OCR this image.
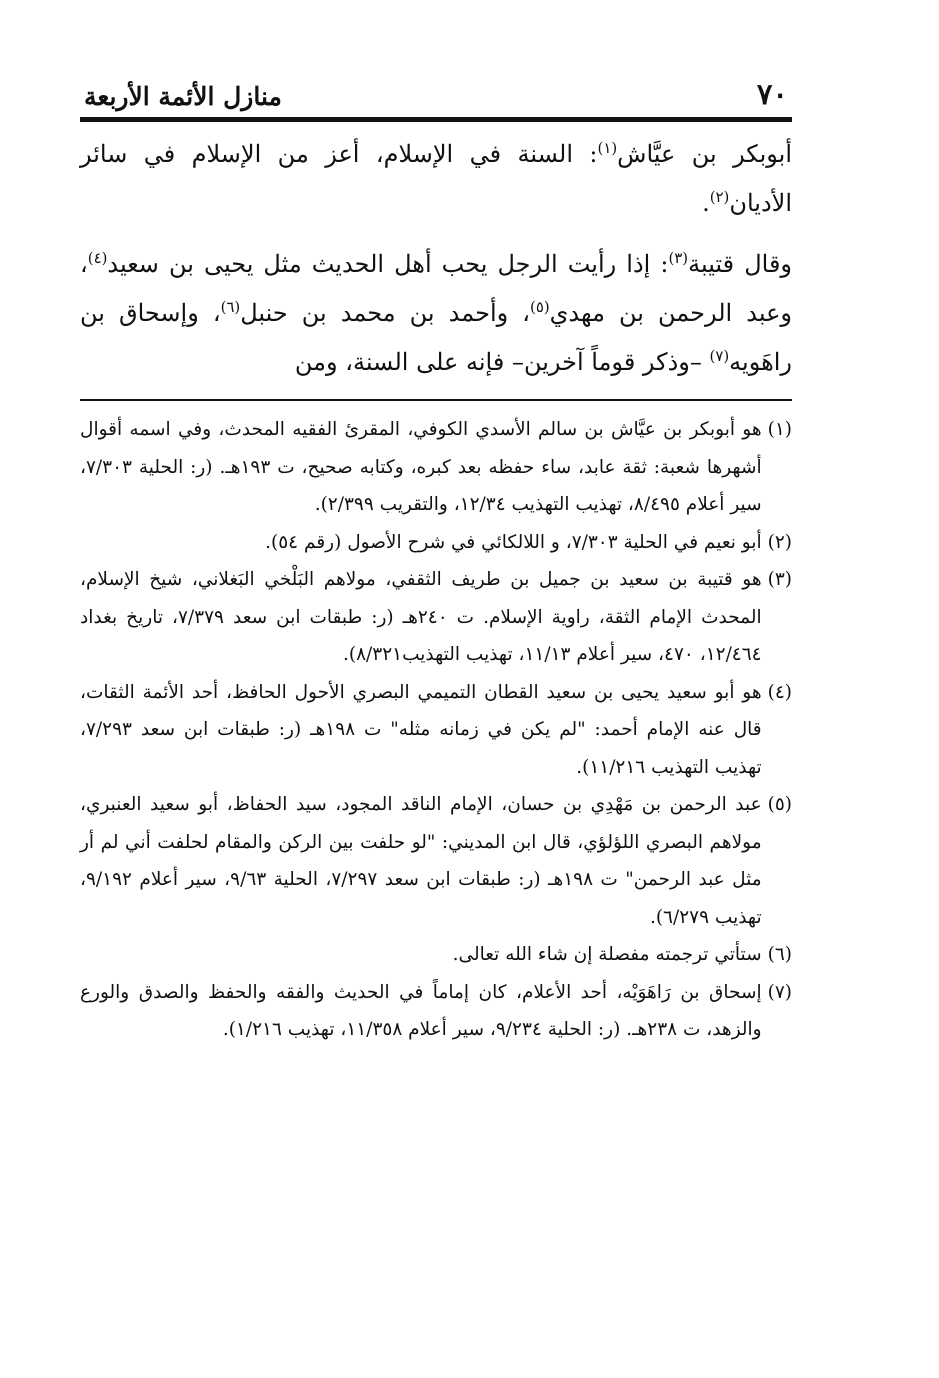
٧٠
منازل الأئمة الأربعة

أبوبكر بن عيَّاش$^{(١)}$: السنة في الإسلام، أعز من الإسلام في سائر الأديان$^{(٢)}$.

وقال قتيبة$^{(٣)}$: إذا رأيت الرجل يحب أهل الحديث مثل يحيى بن سعيد$^{(٤)}$، وعبد الرحمن بن مهدي$^{(٥)}$، وأحمد بن محمد بن حنبل$^{(٦)}$، وإسحاق بن راهَويه$^{(٧)}$ –وذكر قوماً آخرين– فإنه على السنة، ومن

(١)
هو أبوبكر بن عيَّاش بن سالم الأسدي الكوفي، المقرئ الفقيه المحدث، وفي اسمه أقوال أشهرها شعبة: ثقة عابد، ساء حفظه بعد كبره، وكتابه صحيح، ت ١٩٣هـ. (ر: الحلية ٧/٣٠٣، سير أعلام ٨/٤٩٥، تهذيب التهذيب ١٢/٣٤، والتقريب ٢/٣٩٩).
(٢)
أبو نعيم في الحلية ٧/٣٠٣، و اللالكائي في شرح الأصول (رقم ٥٤).
(٣)
هو قتيبة بن سعيد بن جميل بن طريف الثقفي، مولاهم البَلْخي البَغلاني، شيخ الإسلام، المحدث الإمام الثقة، راوية الإسلام. ت ٢٤٠هـ (ر: طبقات ابن سعد ٧/٣٧٩، تاريخ بغداد ١٢/٤٦٤، ٤٧٠، سير أعلام ١١/١٣، تهذيب التهذيب٨/٣٢١).
(٤)
هو أبو سعيد يحيى بن سعيد القطان التميمي البصري الأحول الحافظ، أحد الأئمة الثقات، قال عنه الإمام أحمد: "لم يكن في زمانه مثله" ت ١٩٨هـ (ر: طبقات ابن سعد ٧/٢٩٣، تهذيب التهذيب ١١/٢١٦).
(٥)
عبد الرحمن بن مَهْدِي بن حسان، الإمام الناقد المجود، سيد الحفاظ، أبو سعيد العنبري، مولاهم البصري اللؤلؤي، قال ابن المديني: "لو حلفت بين الركن والمقام لحلفت أني لم أر مثل عبد الرحمن" ت ١٩٨هـ (ر: طبقات ابن سعد ٧/٢٩٧، الحلية ٩/٦٣، سير أعلام ٩/١٩٢، تهذيب ٦/٢٧٩).
(٦)
ستأتي ترجمته مفصلة إن شاء الله تعالى.
(٧)
إسحاق بن رَاهَوَيْه، أحد الأعلام، كان إماماً في الحديث والفقه والحفظ والصدق والورع والزهد، ت ٢٣٨هـ. (ر: الحلية ٩/٢٣٤، سير أعلام ١١/٣٥٨، تهذيب ١/٢١٦).
